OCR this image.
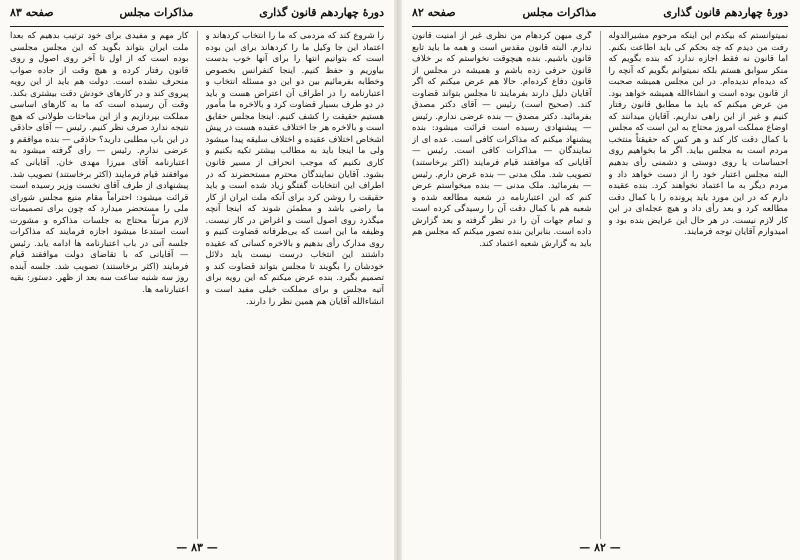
دورهٔ چهاردهم قانون گذاری
مذاکرات مجلس
صفحه ۸۳

را شروع کند که مردمی که ما را انتخاب کردهاند و اعتماد این جا وکیل ما را کردهاند برای این بوده است که بتوانیم انتها را برای آنها خوب بدست بیاوریم و حفظ کنیم. اینجا کنفرانس بخصوص وخطابه بفرمائیم بین دو این دو مسئله انتخاب و اعتبارنامه را در اطراف آن اعتراض هست و باید در دو طرف بسیار قضاوت کرد و بالاخره ما مأمور هستیم حقیقت را کشف کنیم. اینجا مجلس حقایق است و بالاخره هر جا اختلاف عقیده هست در پیش اشخاص اختلاف عقیده و اختلاف سلیقه پیدا میشود ولی ما اینجا باید به مطالب بیشتر تکیه بکنیم و کاری نکنیم که موجب انحراف از مسیر قانون بشود. آقایان نمایندگان محترم مستحضرند که در اطراف این انتخابات گفتگو زیاد شده است و باید حقیقت را روشن کرد برای آنکه ملت ایران از کار ما راضی باشد و مطمئن شوند که اینجا آنچه میگذرد روی اصول است و اغراض در کار نیست. وظیفه ما این است که بی‌طرفانه قضاوت کنیم و روی مدارک رأی بدهیم و بالاخره کسانی که عقیده داشتند این انتخاب درست نیست باید دلائل خودشان را بگویند تا مجلس بتواند قضاوت کند و تصمیم بگیرد. بنده عرض میکنم که این رویه برای آتیه مجلس و برای مملکت خیلی مفید است و انشاءالله آقایان هم همین نظر را دارند.

کار مهم و مفیدی برای خود ترتیب بدهیم که بعداً ملت ایران بتواند بگوید که این مجلس مجلسی بوده است که از اول تا آخر روی اصول و روی قانون رفتار کرده و هیچ وقت از جاده صواب منحرف نشده است. دولت هم باید از این رویه پیروی کند و در کارهای خودش دقت بیشتری بکند. وقت آن رسیده است که ما به کارهای اساسی مملکت بپردازیم و از این مباحثات طولانی که هیچ نتیجه ندارد صرف نظر کنیم. رئیس — آقای حاذقی در این باب مطلبی دارید؟ حاذقی — بنده موافقم و عرضی ندارم. رئیس — رأی گرفته میشود به اعتبارنامه آقای میرزا مهدی خان. آقایانی که موافقند قیام فرمایند (اکثر برخاستند) تصویب شد. پیشنهادی از طرف آقای نخست وزیر رسیده است قرائت میشود: احتراماً مقام منیع مجلس شورای ملی را مستحضر میدارد که چون برای تصمیمات لازم مرتباً محتاج به جلسات مذاکره و مشورت است استدعا میشود اجازه فرمایند که مذاکرات جلسه آتی در باب اعتبارنامه ها ادامه یابد. رئیس — آقایانی که با تقاضای دولت موافقند قیام فرمایند (اکثر برخاستند) تصویب شد. جلسه آینده روز سه شنبه ساعت سه بعد از ظهر. دستور: بقیه اعتبارنامه ها.

— ۸۳ —
دورهٔ چهاردهم قانون گذاری
مذاکرات مجلس
صفحه ۸۲

نمیتوانستم که بیکدم این اینکه مرحوم مشیرالدوله رفت من دیدم که چه بحکم کی باید اطاعت بکنم. اما قانون نه فقط اجازه ندارد که بنده بگویم که منکر سوابق هستم بلکه نمیتوانم بگویم که آنچه را که دیده‌ام ندیده‌ام. در این مجلس همیشه صحبت از قانون بوده است و انشاءالله همیشه خواهد بود. من عرض میکنم که باید ما مطابق قانون رفتار کنیم و غیر از این راهی نداریم. آقایان میدانند که اوضاع مملکت امروز محتاج به این است که مجلس با کمال دقت کار کند و هر کس که حقیقتاً منتخب مردم است به مجلس بیاید. اگر ما بخواهیم روی احساسات یا روی دوستی و دشمنی رأی بدهیم البته مجلس اعتبار خود را از دست خواهد داد و مردم دیگر به ما اعتماد نخواهند کرد. بنده عقیده دارم که در این مورد باید پرونده را با کمال دقت مطالعه کرد و بعد رأی داد و هیچ عجله‌ای در این کار لازم نیست. در هر حال این عرایض بنده بود و امیدوارم آقایان توجه فرمایند.

گری میهن کردهام من نظری غیر از امنیت قانون ندارم. البته قانون مقدس است و همه ما باید تابع قانون باشیم. بنده هیچوقت نخواستم که بر خلاف قانون حرفی زده باشم و همیشه در مجلس از قانون دفاع کرده‌ام. حالا هم عرض میکنم که اگر آقایان دلیل دارند بفرمایند تا مجلس بتواند قضاوت کند. (صحیح است) رئیس — آقای دکتر مصدق بفرمائید. دکتر مصدق — بنده عرضی ندارم. رئیس — پیشنهادی رسیده است قرائت میشود: بنده پیشنهاد میکنم که مذاکرات کافی است. عده ای از نمایندگان — مذاکرات کافی است. رئیس — آقایانی که موافقند قیام فرمایند (اکثر برخاستند) تصویب شد. ملک مدنی — بنده عرض دارم. رئیس — بفرمائید. ملک مدنی — بنده میخواستم عرض کنم که این اعتبارنامه در شعبه مطالعه شده و شعبه هم با کمال دقت آن را رسیدگی کرده است و تمام جهات آن را در نظر گرفته و بعد گزارش داده است. بنابراین بنده تصور میکنم که مجلس هم باید به گزارش شعبه اعتماد کند.

— ۸۲ —
